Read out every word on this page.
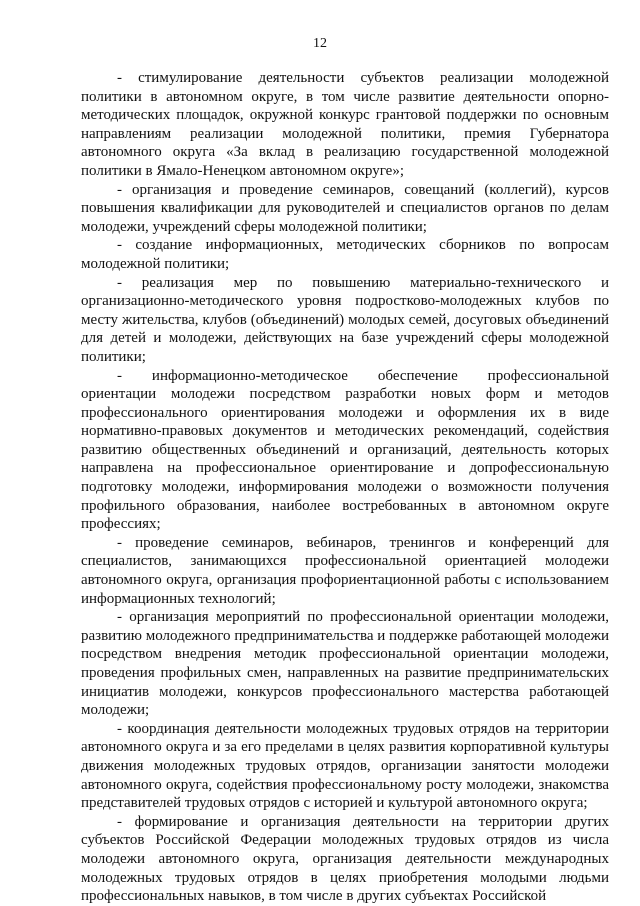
12

- стимулирование деятельности субъектов реализации молодежной политики в автономном округе, в том числе развитие деятельности опорно-методических площадок, окружной конкурс грантовой поддержки по основным направлениям реализации молодежной политики, премия Губернатора автономного округа «За вклад в реализацию государственной молодежной политики в Ямало-Ненецком автономном округе»;

- организация и проведение семинаров, совещаний (коллегий), курсов повышения квалификации для руководителей и специалистов органов по делам молодежи, учреждений сферы молодежной политики;

- создание информационных, методических сборников по вопросам молодежной политики;

- реализация мер по повышению материально-технического и организационно-методического уровня подростково-молодежных клубов по месту жительства, клубов (объединений) молодых семей, досуговых объединений для детей и молодежи, действующих на базе учреждений сферы молодежной политики;

- информационно-методическое обеспечение профессиональной ориентации молодежи посредством разработки новых форм и методов профессионального ориентирования молодежи и оформления их в виде нормативно-правовых документов и методических рекомендаций, содействия развитию общественных объединений и организаций, деятельность которых направлена на профессиональное ориентирование и допрофессиональную подготовку молодежи, информирования молодежи о возможности получения профильного образования, наиболее востребованных в автономном округе профессиях;

- проведение семинаров, вебинаров, тренингов и конференций для специалистов, занимающихся профессиональной ориентацией молодежи автономного округа, организация профориентационной работы с использованием информационных технологий;

- организация мероприятий по профессиональной ориентации молодежи, развитию молодежного предпринимательства и поддержке работающей молодежи посредством внедрения методик профессиональной ориентации молодежи, проведения профильных смен, направленных на развитие предпринимательских инициатив молодежи, конкурсов профессионального мастерства работающей молодежи;

- координация деятельности молодежных трудовых отрядов на территории автономного округа и за его пределами в целях развития корпоративной культуры движения молодежных трудовых отрядов, организации занятости молодежи автономного округа, содействия профессиональному росту молодежи, знакомства представителей трудовых отрядов с историей и культурой автономного округа;

- формирование и организация деятельности на территории других субъектов Российской Федерации молодежных трудовых отрядов из числа молодежи автономного округа, организация деятельности международных молодежных трудовых отрядов в целях приобретения молодыми людьми профессиональных навыков, в том числе в других субъектах Российской
